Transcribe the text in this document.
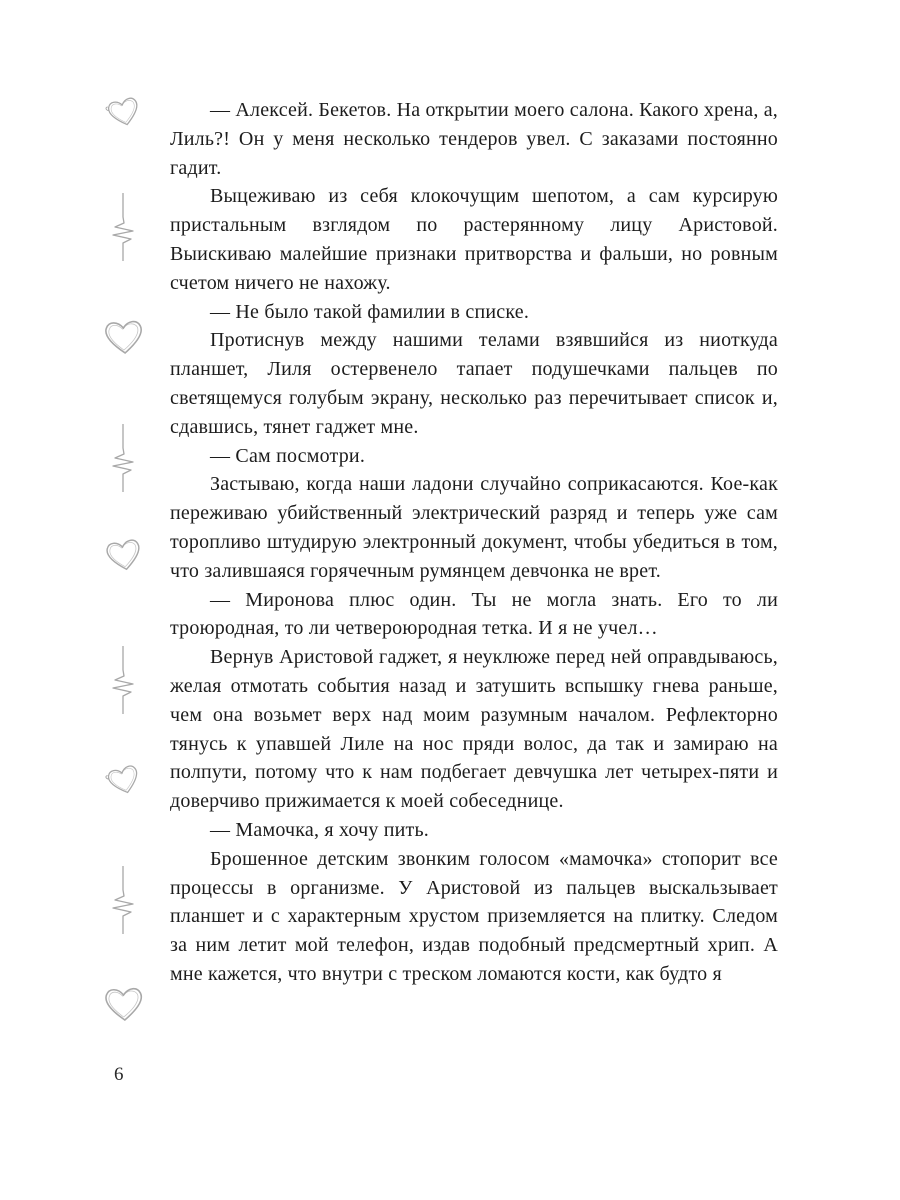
— Алексей. Бекетов. На открытии моего салона. Какого хрена, а, Лиль?! Он у меня несколько тендеров увел. С заказами постоянно гадит.

Выцеживаю из себя клокочущим шепотом, а сам курсирую пристальным взглядом по растерянному лицу Аристовой. Выискиваю малейшие признаки притворства и фальши, но ровным счетом ничего не нахожу.

— Не было такой фамилии в списке.

Протиснув между нашими телами взявшийся из ниоткуда планшет, Лиля остервенело тапает подушечками пальцев по светящемуся голубым экрану, несколько раз перечитывает список и, сдавшись, тянет гаджет мне.

— Сам посмотри.

Застываю, когда наши ладони случайно соприкасаются. Кое-как переживаю убийственный электрический разряд и теперь уже сам торопливо штудирую электронный документ, чтобы убедиться в том, что залившаяся горячечным румянцем девчонка не врет.

— Миронова плюс один. Ты не могла знать. Его то ли троюродная, то ли четвероюродная тетка. И я не учел…

Вернув Аристовой гаджет, я неуклюже перед ней оправдываюсь, желая отмотать события назад и затушить вспышку гнева раньше, чем она возьмет верх над моим разумным началом. Рефлекторно тянусь к упавшей Лиле на нос пряди волос, да так и замираю на полпути, потому что к нам подбегает девчушка лет четырех-пяти и доверчиво прижимается к моей собеседнице.

— Мамочка, я хочу пить.

Брошенное детским звонким голосом «мамочка» стопорит все процессы в организме. У Аристовой из пальцев выскальзывает планшет и с характерным хрустом приземляется на плитку. Следом за ним летит мой телефон, издав подобный предсмертный хрип. А мне кажется, что внутри с треском ломаются кости, как будто я

6
